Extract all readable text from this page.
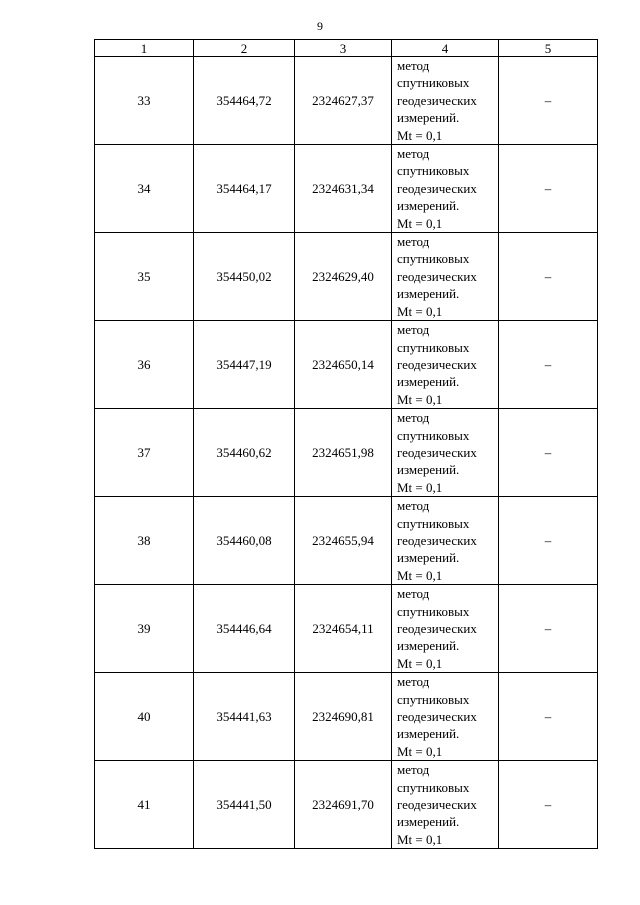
9
1	2	3	4	5
33	354464,72	2324627,37	метод
спутниковых
геодезических
измерений.
Mt = 0,1	–
34	354464,17	2324631,34	метод
спутниковых
геодезических
измерений.
Mt = 0,1	–
35	354450,02	2324629,40	метод
спутниковых
геодезических
измерений.
Mt = 0,1	–
36	354447,19	2324650,14	метод
спутниковых
геодезических
измерений.
Mt = 0,1	–
37	354460,62	2324651,98	метод
спутниковых
геодезических
измерений.
Mt = 0,1	–
38	354460,08	2324655,94	метод
спутниковых
геодезических
измерений.
Mt = 0,1	–
39	354446,64	2324654,11	метод
спутниковых
геодезических
измерений.
Mt = 0,1	–
40	354441,63	2324690,81	метод
спутниковых
геодезических
измерений.
Mt = 0,1	–
41	354441,50	2324691,70	метод
спутниковых
геодезических
измерений.
Mt = 0,1	–
